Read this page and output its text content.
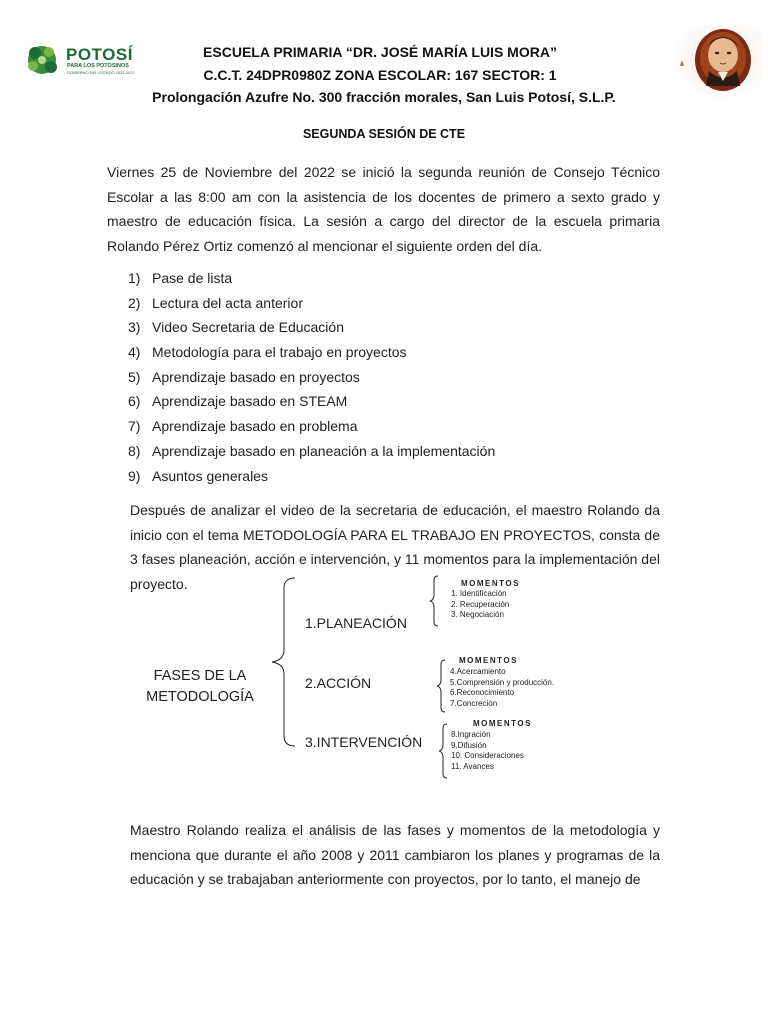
POTOSÍ
PARA LOS POTOSINOS
GOBIERNO DEL ESTADO 2021-2027
ESCUELA PRIMARIA “DR. JOSÉ MARÍA LUIS MORA”
C.C.T. 24DPR0980Z ZONA ESCOLAR: 167 SECTOR: 1
Prolongación Azufre No. 300 fracción morales, San Luis Potosí, S.L.P.
SEGUNDA SESIÓN DE CTE
Viernes 25 de Noviembre del 2022 se inició la segunda reunión de Consejo Técnico Escolar a las 8:00 am con la asistencia de los docentes de primero a sexto grado y maestro de educación física. La sesión a cargo del director de la escuela primaria Rolando Pérez Ortiz comenzó al mencionar el siguiente orden del día.
1) Pase de lista
2) Lectura del acta anterior
3) Video Secretaria de Educación
4) Metodología para el trabajo en proyectos
5) Aprendizaje basado en proyectos
6) Aprendizaje basado en STEAM
7) Aprendizaje basado en problema
8) Aprendizaje basado en planeación a la implementación
9) Asuntos generales
Después de analizar el video de la secretaria de educación, el maestro Rolando da inicio con el tema METODOLOGÍA PARA EL TRABAJO EN PROYECTOS, consta de 3 fases planeación, acción e intervención, y 11 momentos para la implementación del proyecto.
FASES DE LA
METODOLOGÍA
1.PLANEACIÓN
2.ACCIÓN
3.INTERVENCIÓN
MOMENTOS
1. Identificación
2. Recuperación
3. Negociación
MOMENTOS
4.Acercamiento
5.Comprensión y producción.
6.Reconocimiento
7.Concreción
MOMENTOS
8.Ingración
9.Difusión
10. Consideraciones
11. Avances
Maestro Rolando realiza el análisis de las fases y momentos de la metodología y menciona que durante el año 2008 y 2011 cambiaron los planes y programas de la educación y se trabajaban anteriormente con proyectos, por lo tanto, el manejo de
